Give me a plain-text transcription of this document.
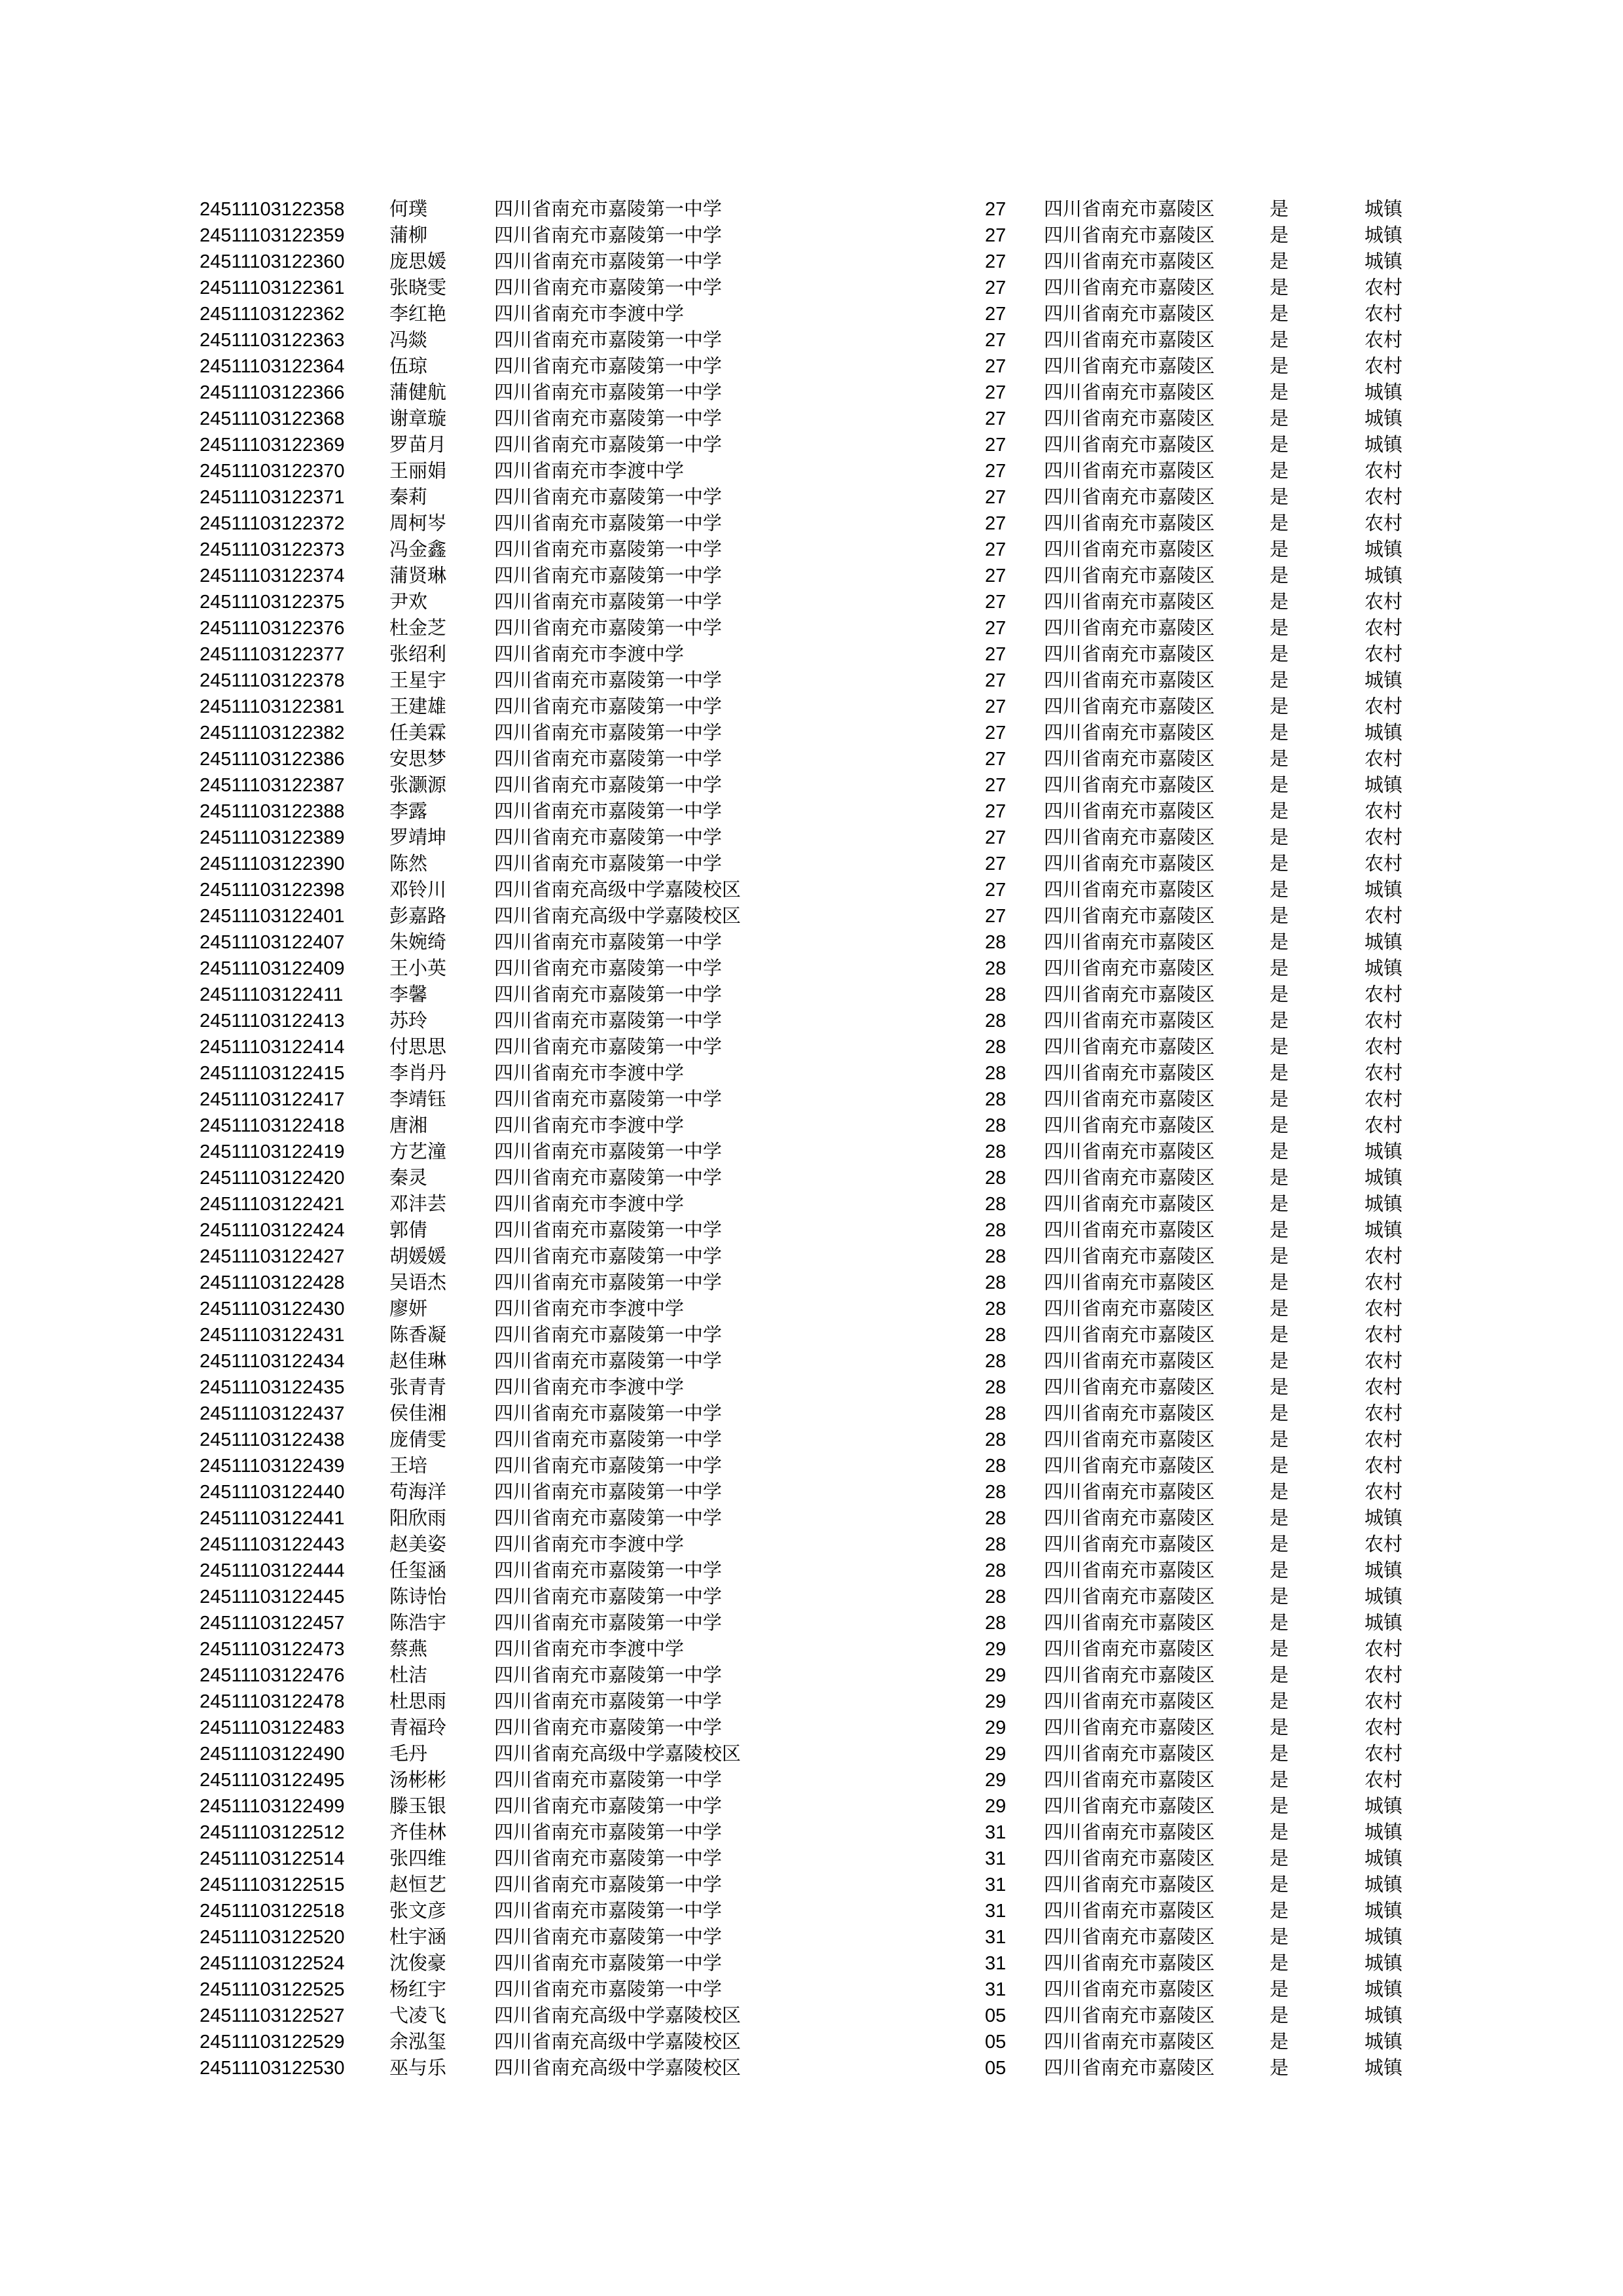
24511103122358	何璞	四川省南充市嘉陵第一中学	27	四川省南充市嘉陵区	是	城镇
24511103122359	蒲柳	四川省南充市嘉陵第一中学	27	四川省南充市嘉陵区	是	城镇
24511103122360	庞思媛	四川省南充市嘉陵第一中学	27	四川省南充市嘉陵区	是	城镇
24511103122361	张晓雯	四川省南充市嘉陵第一中学	27	四川省南充市嘉陵区	是	农村
24511103122362	李红艳	四川省南充市李渡中学	27	四川省南充市嘉陵区	是	农村
24511103122363	冯燚	四川省南充市嘉陵第一中学	27	四川省南充市嘉陵区	是	农村
24511103122364	伍琼	四川省南充市嘉陵第一中学	27	四川省南充市嘉陵区	是	农村
24511103122366	蒲健航	四川省南充市嘉陵第一中学	27	四川省南充市嘉陵区	是	城镇
24511103122368	谢章璇	四川省南充市嘉陵第一中学	27	四川省南充市嘉陵区	是	城镇
24511103122369	罗苗月	四川省南充市嘉陵第一中学	27	四川省南充市嘉陵区	是	城镇
24511103122370	王丽娟	四川省南充市李渡中学	27	四川省南充市嘉陵区	是	农村
24511103122371	秦莉	四川省南充市嘉陵第一中学	27	四川省南充市嘉陵区	是	农村
24511103122372	周柯岑	四川省南充市嘉陵第一中学	27	四川省南充市嘉陵区	是	农村
24511103122373	冯金鑫	四川省南充市嘉陵第一中学	27	四川省南充市嘉陵区	是	城镇
24511103122374	蒲贤琳	四川省南充市嘉陵第一中学	27	四川省南充市嘉陵区	是	城镇
24511103122375	尹欢	四川省南充市嘉陵第一中学	27	四川省南充市嘉陵区	是	农村
24511103122376	杜金芝	四川省南充市嘉陵第一中学	27	四川省南充市嘉陵区	是	农村
24511103122377	张绍利	四川省南充市李渡中学	27	四川省南充市嘉陵区	是	农村
24511103122378	王星宇	四川省南充市嘉陵第一中学	27	四川省南充市嘉陵区	是	城镇
24511103122381	王建雄	四川省南充市嘉陵第一中学	27	四川省南充市嘉陵区	是	农村
24511103122382	任美霖	四川省南充市嘉陵第一中学	27	四川省南充市嘉陵区	是	城镇
24511103122386	安思梦	四川省南充市嘉陵第一中学	27	四川省南充市嘉陵区	是	农村
24511103122387	张灏源	四川省南充市嘉陵第一中学	27	四川省南充市嘉陵区	是	城镇
24511103122388	李露	四川省南充市嘉陵第一中学	27	四川省南充市嘉陵区	是	农村
24511103122389	罗靖坤	四川省南充市嘉陵第一中学	27	四川省南充市嘉陵区	是	农村
24511103122390	陈然	四川省南充市嘉陵第一中学	27	四川省南充市嘉陵区	是	农村
24511103122398	邓铃川	四川省南充高级中学嘉陵校区	27	四川省南充市嘉陵区	是	城镇
24511103122401	彭嘉路	四川省南充高级中学嘉陵校区	27	四川省南充市嘉陵区	是	农村
24511103122407	朱婉绮	四川省南充市嘉陵第一中学	28	四川省南充市嘉陵区	是	城镇
24511103122409	王小英	四川省南充市嘉陵第一中学	28	四川省南充市嘉陵区	是	城镇
24511103122411	李馨	四川省南充市嘉陵第一中学	28	四川省南充市嘉陵区	是	农村
24511103122413	苏玲	四川省南充市嘉陵第一中学	28	四川省南充市嘉陵区	是	农村
24511103122414	付思思	四川省南充市嘉陵第一中学	28	四川省南充市嘉陵区	是	农村
24511103122415	李肖丹	四川省南充市李渡中学	28	四川省南充市嘉陵区	是	农村
24511103122417	李靖钰	四川省南充市嘉陵第一中学	28	四川省南充市嘉陵区	是	农村
24511103122418	唐湘	四川省南充市李渡中学	28	四川省南充市嘉陵区	是	农村
24511103122419	方艺潼	四川省南充市嘉陵第一中学	28	四川省南充市嘉陵区	是	城镇
24511103122420	秦灵	四川省南充市嘉陵第一中学	28	四川省南充市嘉陵区	是	城镇
24511103122421	邓沣芸	四川省南充市李渡中学	28	四川省南充市嘉陵区	是	城镇
24511103122424	郭倩	四川省南充市嘉陵第一中学	28	四川省南充市嘉陵区	是	城镇
24511103122427	胡媛媛	四川省南充市嘉陵第一中学	28	四川省南充市嘉陵区	是	农村
24511103122428	吴语杰	四川省南充市嘉陵第一中学	28	四川省南充市嘉陵区	是	农村
24511103122430	廖妍	四川省南充市李渡中学	28	四川省南充市嘉陵区	是	农村
24511103122431	陈香凝	四川省南充市嘉陵第一中学	28	四川省南充市嘉陵区	是	农村
24511103122434	赵佳琳	四川省南充市嘉陵第一中学	28	四川省南充市嘉陵区	是	农村
24511103122435	张青青	四川省南充市李渡中学	28	四川省南充市嘉陵区	是	农村
24511103122437	侯佳湘	四川省南充市嘉陵第一中学	28	四川省南充市嘉陵区	是	农村
24511103122438	庞倩雯	四川省南充市嘉陵第一中学	28	四川省南充市嘉陵区	是	农村
24511103122439	王培	四川省南充市嘉陵第一中学	28	四川省南充市嘉陵区	是	农村
24511103122440	苟海洋	四川省南充市嘉陵第一中学	28	四川省南充市嘉陵区	是	农村
24511103122441	阳欣雨	四川省南充市嘉陵第一中学	28	四川省南充市嘉陵区	是	城镇
24511103122443	赵美姿	四川省南充市李渡中学	28	四川省南充市嘉陵区	是	农村
24511103122444	任玺涵	四川省南充市嘉陵第一中学	28	四川省南充市嘉陵区	是	城镇
24511103122445	陈诗怡	四川省南充市嘉陵第一中学	28	四川省南充市嘉陵区	是	城镇
24511103122457	陈浩宇	四川省南充市嘉陵第一中学	28	四川省南充市嘉陵区	是	城镇
24511103122473	蔡燕	四川省南充市李渡中学	29	四川省南充市嘉陵区	是	农村
24511103122476	杜洁	四川省南充市嘉陵第一中学	29	四川省南充市嘉陵区	是	农村
24511103122478	杜思雨	四川省南充市嘉陵第一中学	29	四川省南充市嘉陵区	是	农村
24511103122483	青福玲	四川省南充市嘉陵第一中学	29	四川省南充市嘉陵区	是	农村
24511103122490	毛丹	四川省南充高级中学嘉陵校区	29	四川省南充市嘉陵区	是	农村
24511103122495	汤彬彬	四川省南充市嘉陵第一中学	29	四川省南充市嘉陵区	是	农村
24511103122499	滕玉银	四川省南充市嘉陵第一中学	29	四川省南充市嘉陵区	是	城镇
24511103122512	齐佳林	四川省南充市嘉陵第一中学	31	四川省南充市嘉陵区	是	城镇
24511103122514	张四维	四川省南充市嘉陵第一中学	31	四川省南充市嘉陵区	是	城镇
24511103122515	赵恒艺	四川省南充市嘉陵第一中学	31	四川省南充市嘉陵区	是	城镇
24511103122518	张文彦	四川省南充市嘉陵第一中学	31	四川省南充市嘉陵区	是	城镇
24511103122520	杜宇涵	四川省南充市嘉陵第一中学	31	四川省南充市嘉陵区	是	城镇
24511103122524	沈俊豪	四川省南充市嘉陵第一中学	31	四川省南充市嘉陵区	是	城镇
24511103122525	杨红宇	四川省南充市嘉陵第一中学	31	四川省南充市嘉陵区	是	城镇
24511103122527	弋凌飞	四川省南充高级中学嘉陵校区	05	四川省南充市嘉陵区	是	城镇
24511103122529	余泓玺	四川省南充高级中学嘉陵校区	05	四川省南充市嘉陵区	是	城镇
24511103122530	巫与乐	四川省南充高级中学嘉陵校区	05	四川省南充市嘉陵区	是	城镇
